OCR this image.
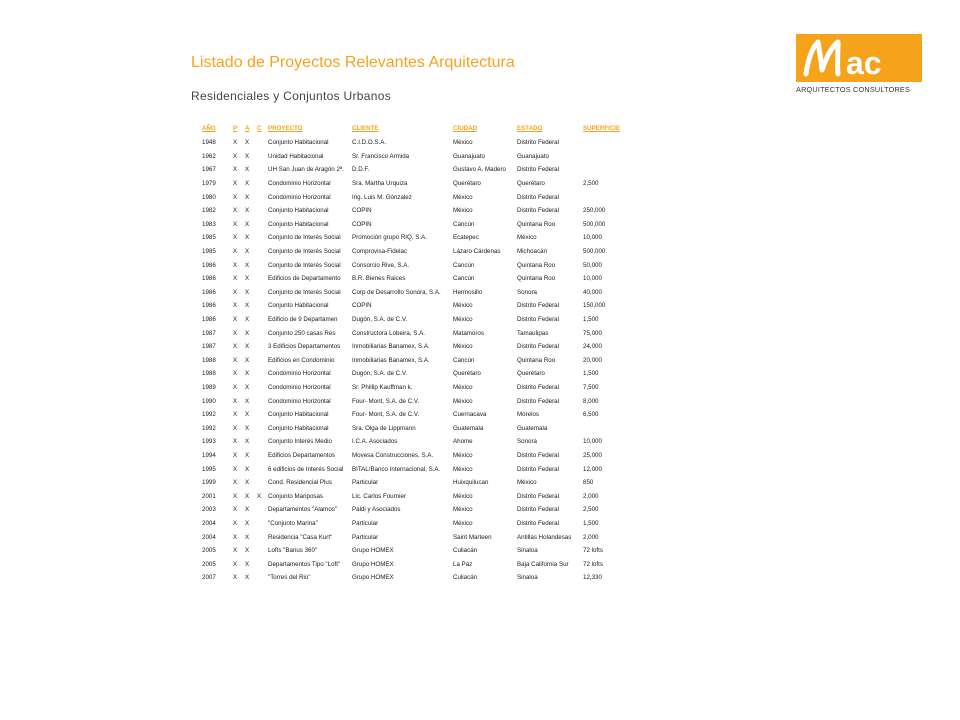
Listado de Proyectos Relevantes Arquitectura
Residenciales y Conjuntos Urbanos
ac
ARQUITECTOS CONSULTORES
AÑO	P	A	C	PROYECTO	CLIENTE	CIUDAD	ESTADO	SUPERFICIE
1948	X	X		Conjunto Habitacional	C.I.D.O.S.A.	México	Distrito Federal	
1962	X	X		Unidad Habitacional	Sr. Francisco Armida	Guanajuato	Guanajuato	
1967	X	X		UH San Juan de Aragón 2ª.	D.D.F.	Gustavo A. Madero	Distrito Federal	
1979	X	X		Condominio Horizontal	Sra. Martha Urquiza	Querétaro	Querétaro	2,500
1980	X	X		Condominio Horizontal	Ing. Luis M. Gónzalez	México	Distrito Federal	
1982	X	X		Conjunto Habitacional	COPIN	México	Distrito Federal	250,000
1983	X	X		Conjunto Habitacional	COPIN	Cancún	Quintana Roo	500,000
1985	X	X		Conjunto de Interés Social	Promoción grupo RIQ, S.A.	Ecatepec	México	10,000
1985	X	X		Conjunto de Interés Social	Comprovisa-Fidelac	Lázaro Cárdenas	Michoacán	500,000
1986	X	X		Conjunto de Interés Social	Consorcio Rive, S.A.	Cancún	Quintana Roo	50,000
1986	X	X		Edificios de Departamento	B.R. Bienes Raices	Cancún	Quintana Roo	10,000
1986	X	X		Conjunto de Interés Social	Corp de Desarrollo Sonora, S.A.	Hermosillo	Sonora	40,000
1986	X	X		Conjunto Habitacional	COPIN	México	Distrito Federal	150,000
1986	X	X		Edificio de 9 Departamen	Dugón, S.A. de C.V.	México	Distrito Federal	1,500
1987	X	X		Conjunto 250 casas Res	Constructora Lobeira, S.A.	Matamoros	Tamaulipas	75,000
1987	X	X		3 Edificios Departamentos	Inmobiliarias Banamex, S.A.	México	Distrito Federal	24,000
1988	X	X		Edificios en Condominio	Inmobiliarias Banamex, S.A.	Cancún	Quintana Roo	20,000
1988	X	X		Condominio Horizontal	Dugón, S.A. de C.V.	Querétaro	Querétaro	1,500
1989	X	X		Condominio Horizontal	Sr. Phillip Kauffman k.	México	Distrito Federal	7,500
1990	X	X		Condominio Horizontal	Four- Mont, S.A. de C.V.	México	Distrito Federal	8,000
1992	X	X		Conjunto Habitacional	Four- Mont, S.A. de C.V.	Cuernacava	Morelos	6,500
1992	X	X		Conjunto Habitacional	Sra. Olga de Lippmann	Guatemala	Guatemala	
1993	X	X		Conjunto Interés Medio	I.C.A. Asociados	Ahome	Sonora	10,000
1994	X	X		Edificios Departamentos	Movesa Construcciones, S.A.	México	Distrito Federal	25,000
1995	X	X		6 edificios de Interés Social	BITAL/Banco Internacional, S.A.	México	Distrito Federal	12,000
1999	X	X		Cond. Residencial Plus	Particular	Huixquilucan	México	850
2001	X	X	X	Conjunto Mariposas	Lic. Carlos Fournier	México	Distrito Federal	2,000
2003	X	X		Departamentos "Alamos"	Paldi y Asociados	México	Distrito Federal	2,500
2004	X	X		"Conjunto Marina"	Particular	México	Distrito Federal	1,500
2004	X	X		Residencia "Casa Kurt"	Particular	Saint Marteen	Antillas Holandesas	2,000
2005	X	X		Lofts "Banus 360"	Grupo HOMEX	Culiacán	Sinaloa	72 lofts
2005	X	X		Departamentos Tipo "Loft"	Grupo HOMEX	La Paz	Baja California Sur	72 lofts
2007	X	X		"Torres del Rio"	Grupo HOMEX	Culiacán	Sinaloa	12,330
